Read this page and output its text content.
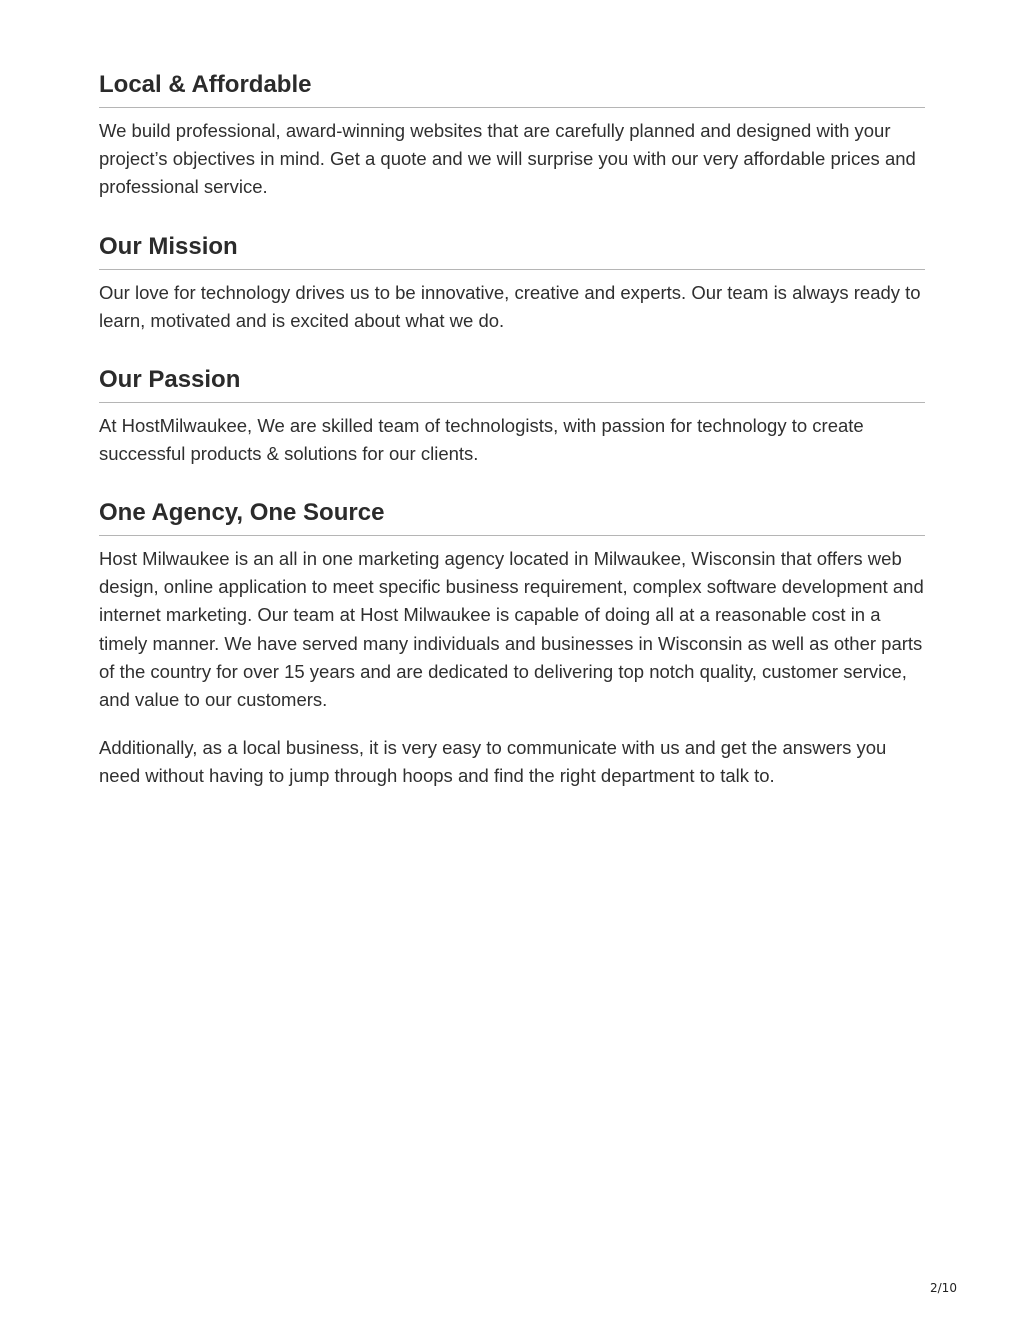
Local & Affordable

We build professional, award-winning websites that are carefully planned and designed with your project’s objectives in mind. Get a quote and we will surprise you with our very affordable prices and professional service.

Our Mission

Our love for technology drives us to be innovative, creative and experts. Our team is always ready to learn, motivated and is excited about what we do.

Our Passion

At HostMilwaukee, We are skilled team of technologists, with passion for technology to create successful products & solutions for our clients.

One Agency, One Source

Host Milwaukee is an all in one marketing agency located in Milwaukee, Wisconsin that offers web design, online application to meet specific business requirement, complex software development and internet marketing. Our team at Host Milwaukee is capable of doing all at a reasonable cost in a timely manner. We have served many individuals and businesses in Wisconsin as well as other parts of the country for over 15 years and are dedicated to delivering top notch quality, customer service, and value to our customers.

Additionally, as a local business, it is very easy to communicate with us and get the answers you need without having to jump through hoops and find the right department to talk to.

2/10
